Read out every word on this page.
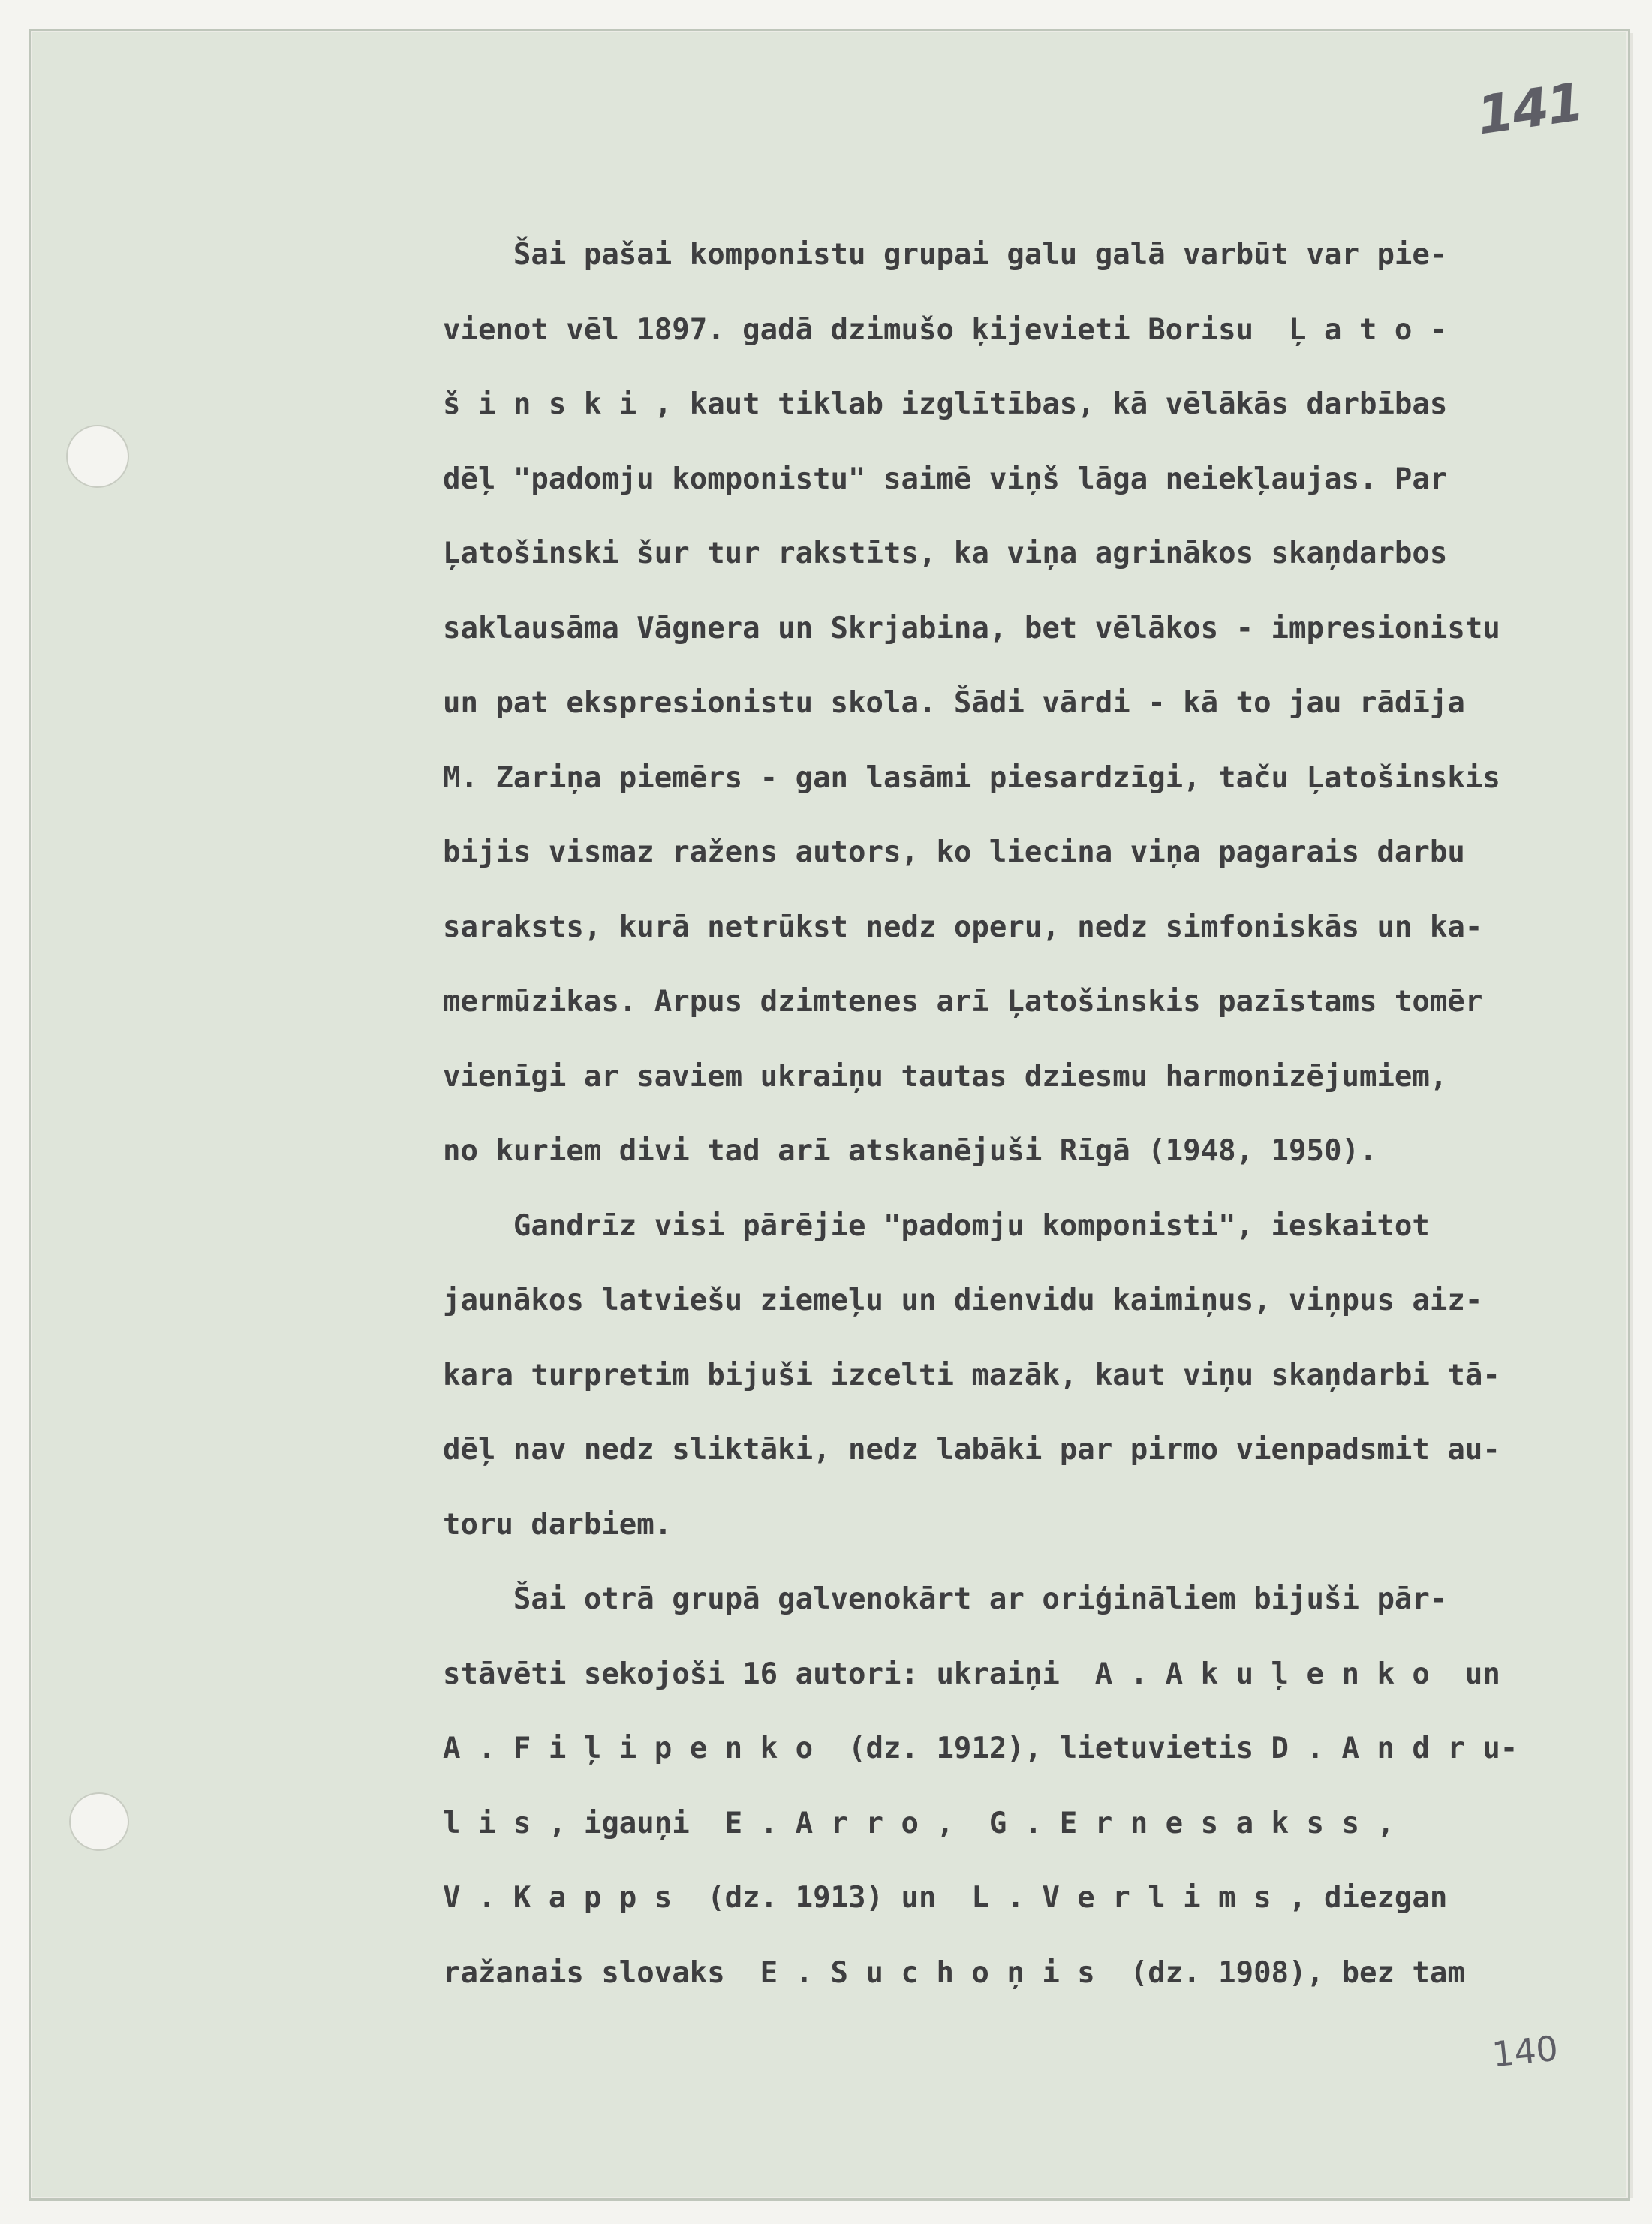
141
140
Šai pašai komponistu grupai galu galā varbūt var pie-
vienot vēl 1897. gadā dzimušo ķijevieti Borisu  Ļ a t o -
š i n s k i , kaut tiklab izglītības, kā vēlākās darbības
dēļ "padomju komponistu" saimē viņš lāga neiekļaujas. Par
Ļatošinski šur tur rakstīts, ka viņa agrinākos skaņdarbos
saklausāma Vāgnera un Skrjabina, bet vēlākos - impresionistu
un pat ekspresionistu skola. Šādi vārdi - kā to jau rādīja
M. Zariņa piemērs - gan lasāmi piesardzīgi, taču Ļatošinskis
bijis vismaz ražens autors, ko liecina viņa pagarais darbu
saraksts, kurā netrūkst nedz operu, nedz simfoniskās un ka-
mermūzikas. Arpus dzimtenes arī Ļatošinskis pazīstams tomēr
vienīgi ar saviem ukraiņu tautas dziesmu harmonizējumiem,
no kuriem divi tad arī atskanējuši Rīgā (1948, 1950).
Gandrīz visi pārējie "padomju komponisti", ieskaitot
jaunākos latviešu ziemeļu un dienvidu kaimiņus, viņpus aiz-
kara turpretim bijuši izcelti mazāk, kaut viņu skaņdarbi tā-
dēļ nav nedz sliktāki, nedz labāki par pirmo vienpadsmit au-
toru darbiem.
Šai otrā grupā galvenokārt ar oriģināliem bijuši pār-
stāvēti sekojoši 16 autori: ukraiņi  A . A k u ļ e n k o  un
A . F i ļ i p e n k o  (dz. 1912), lietuvietis D . A n d r u-
l i s , igauņi  E . A r r o ,  G . E r n e s a k s s ,
V . K a p p s  (dz. 1913) un  L . V e r l i m s , diezgan
ražanais slovaks  E . S u c h o ņ i s  (dz. 1908), bez tam
